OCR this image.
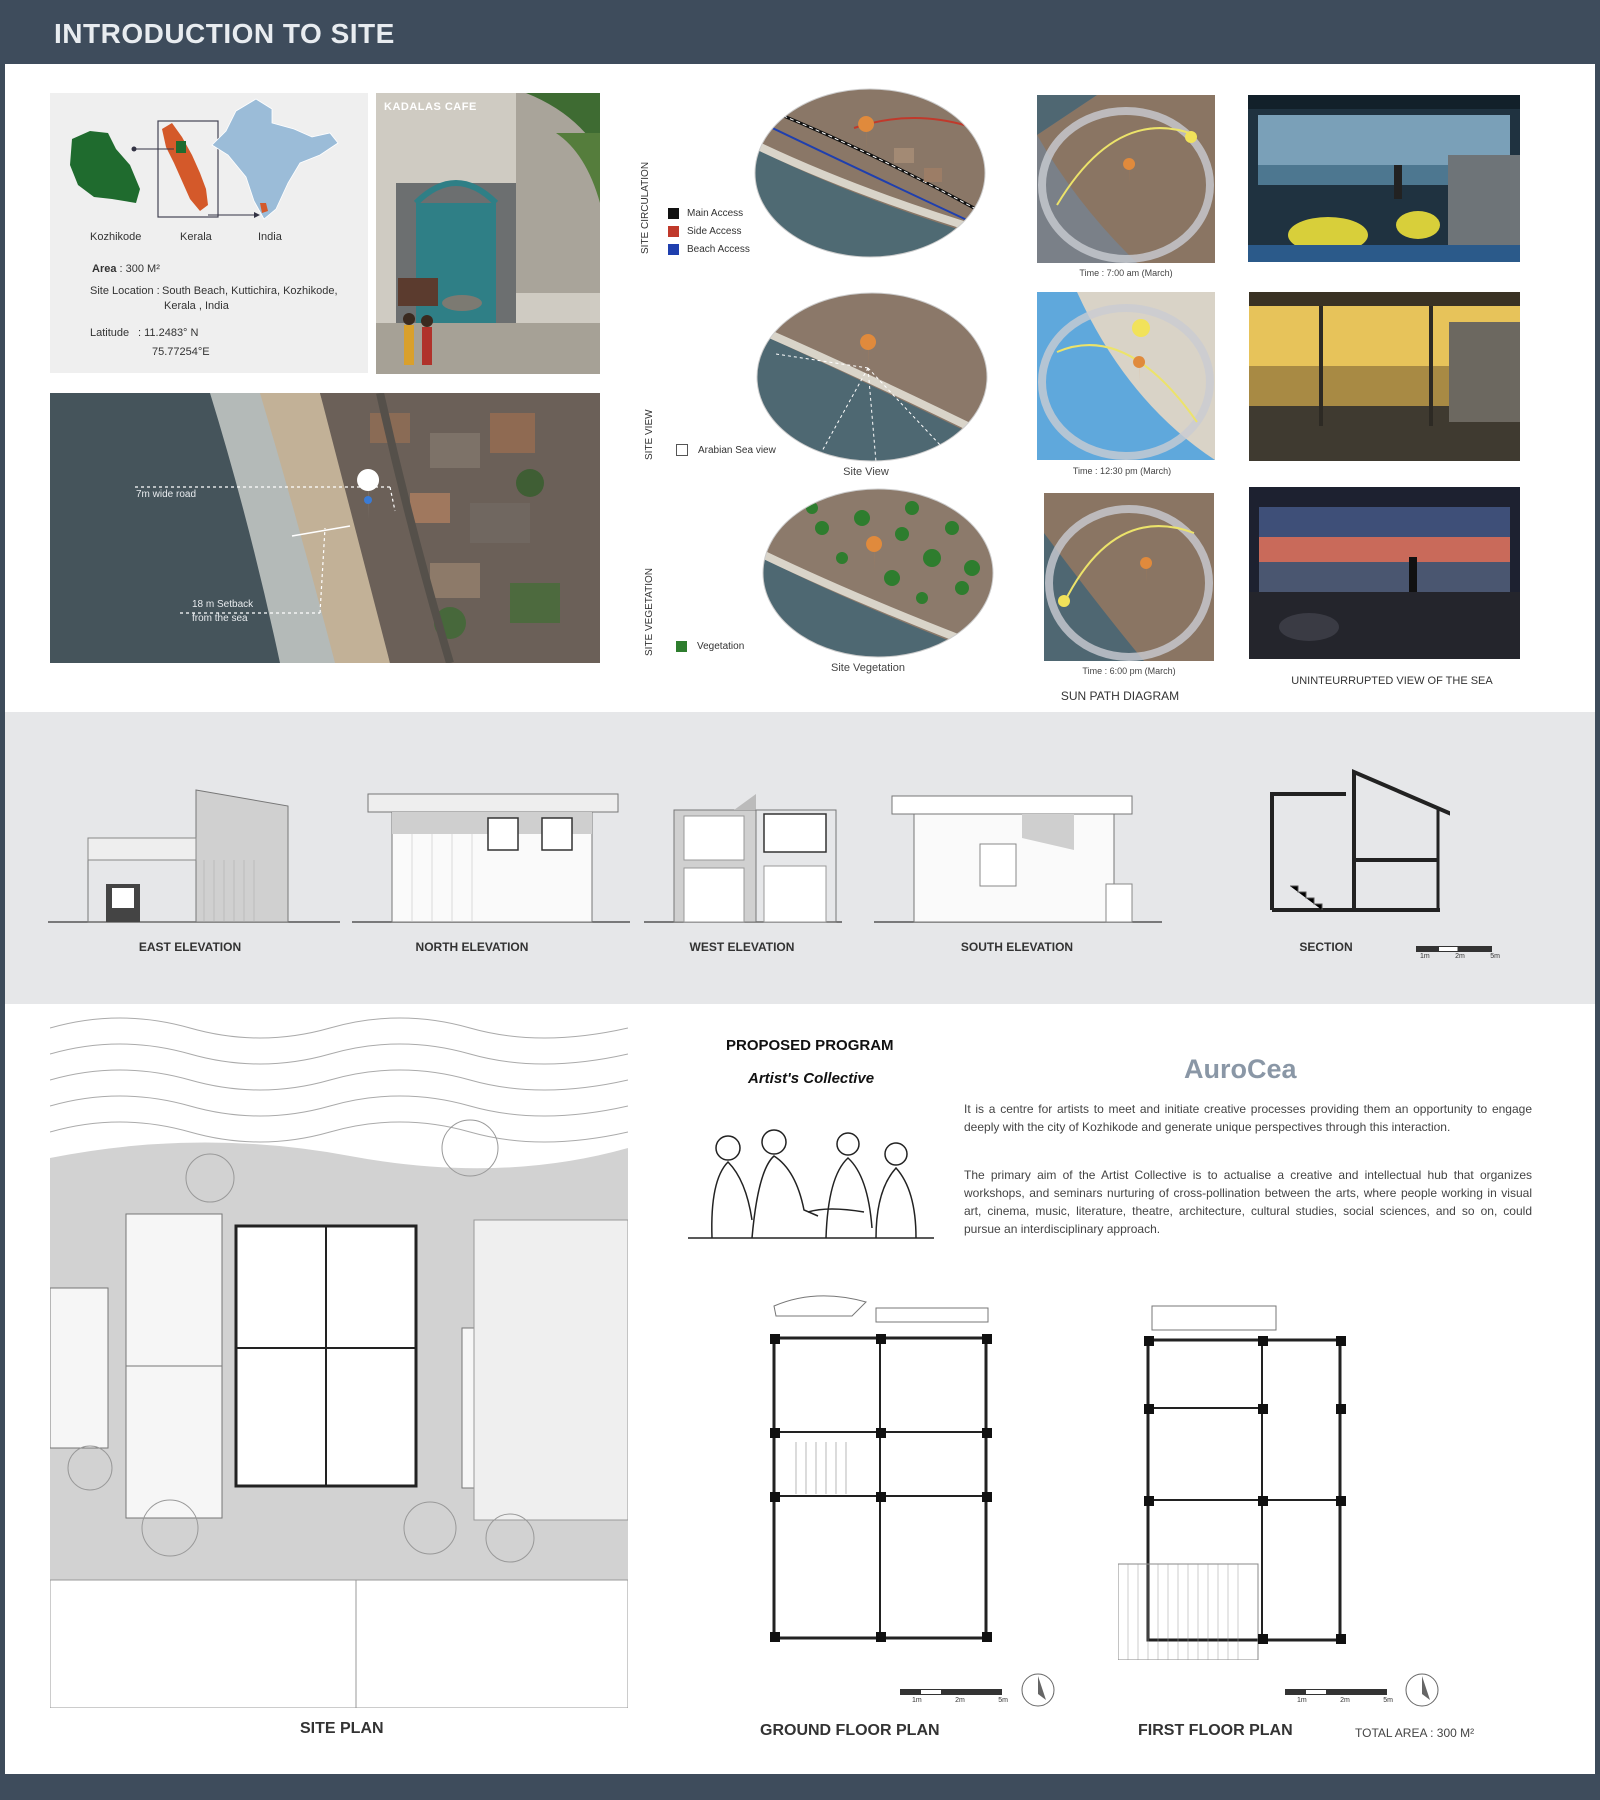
INTRODUCTION TO SITE
Kozhikode	Kerala	India
Area : 300 M²
Site Location : South Beach, Kuttichira, Kozhikode,
Kerala , India
Latitude : 11.2483° N
75.77254°E
KADALAS CAFE
7m wide road
18 m Setback
from the sea
SITE CIRCULATION
SITE VIEW
SITE VEGETATION
Main Access
Side Access
Beach Access
Arabian Sea view
Site View
Vegetation
Site Vegetation
Time : 7:00 am (March)
Time : 12:30 pm (March)
Time : 6:00 pm (March)
SUN PATH DIAGRAM
UNINTEURRUPTED VIEW OF THE SEA
EAST ELEVATION	NORTH ELEVATION	WEST ELEVATION	SOUTH ELEVATION	SECTION
1m	2m	5m
SITE PLAN
PROPOSED PROGRAM
Artist's Collective	AuroCea
It is a centre for artists to meet and initiate creative processes providing them an opportunity to engage deeply with the city of Kozhikode and generate unique perspectives through this interaction.
The primary aim of the Artist Collective is to actualise a creative and intellectual hub that organizes workshops, and seminars nurturing of cross-pollination between the arts, where people working in visual art, cinema, music, literature, theatre, architecture, cultural studies, social sciences, and so on, could pursue an interdisciplinary approach.
1m	2m	5m
GROUND FLOOR PLAN
1m	2m	5m
FIRST FLOOR PLAN	TOTAL AREA : 300 M²
